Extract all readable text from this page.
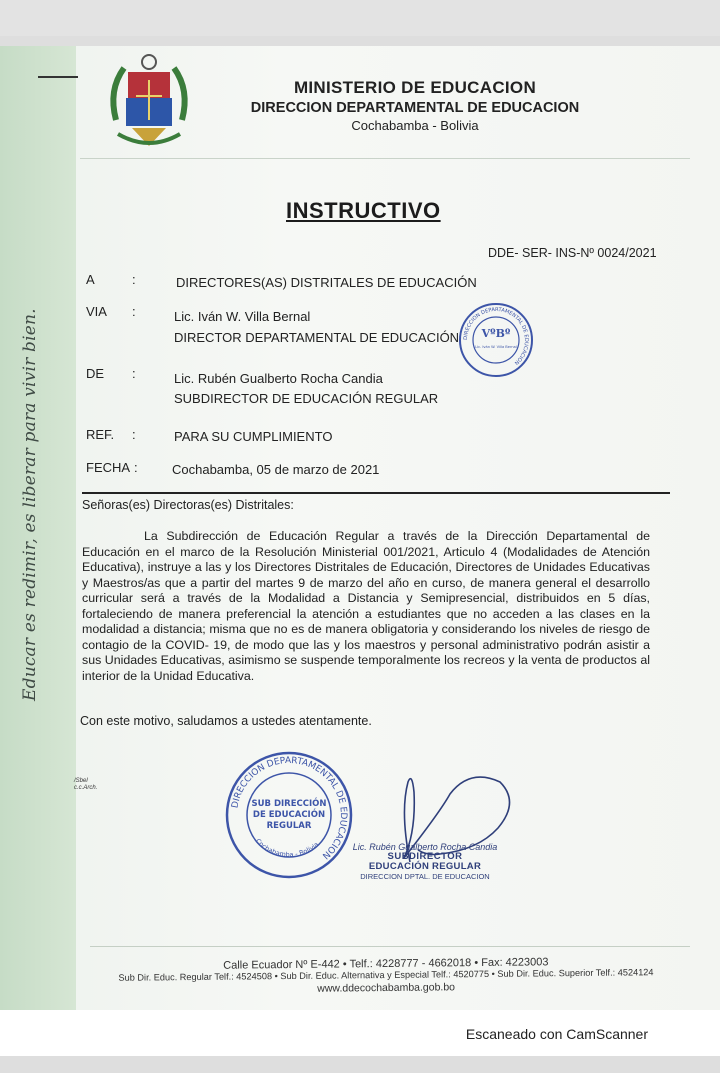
Educar es redimir, es liberar para vivir bien.
MINISTERIO DE EDUCACION
DIRECCION DEPARTAMENTAL DE EDUCACION
Cochabamba - Bolivia
INSTRUCTIVO
DDE- SER- INS-Nº 0024/2021
A	:	DIRECTORES(AS) DISTRITALES DE EDUCACIÓN
VIA :	Lic. Iván W. Villa Bernal
DIRECTOR DEPARTAMENTAL DE EDUCACIÓN DIRECCION DEPARTAMENTAL DE EDUCACION
VºBº
Lic. Iván W. Villa Bernal
DE :	Lic. Rubén Gualberto Rocha Candia
SUBDIRECTOR DE EDUCACIÓN REGULAR
REF. :	PARA SU CUMPLIMIENTO
FECHA :	Cochabamba, 05 de marzo de 2021
Señoras(es) Directoras(es) Distritales:
La Subdirección de Educación Regular a través de la Dirección Departamental de Educación en el marco de la Resolución Ministerial 001/2021, Articulo 4 (Modalidades de Atención Educativa), instruye a las y los Directores Distritales de Educación, Directores de Unidades Educativas y Maestros/as que a partir del martes 9 de marzo del año en curso, de manera general el desarrollo curricular será a través de la Modalidad a Distancia y Semipresencial, distribuidos en 5 días, fortaleciendo de manera preferencial la atención a estudiantes que no acceden a las clases en la modalidad a distancia; misma que no es de manera obligatoria y considerando los niveles de riesgo de contagio de la COVID- 19, de modo que las y los maestros y personal administrativo podrán asistir a sus Unidades Educativas, asimismo se suspende temporalmente los recreos y la venta de productos al interior de la Unidad Educativa.
Con este motivo, saludamos a ustedes atentamente.
/Sbel
c.c.Arch.
DIRECCION DEPARTAMENTAL DE EDUCACION
SUB DIRECCIÓN
DE EDUCACIÓN
REGULAR
Cochabamba - Bolivia	Lic. Rubén Gualberto Rocha Candia
SUBDIRECTOR
EDUCACIÓN REGULAR
DIRECCION DPTAL. DE EDUCACION
Calle Ecuador Nº E-442 • Telf.: 4228777 - 4662018 • Fax: 4223003
Sub Dir. Educ. Regular Telf.: 4524508 • Sub Dir. Educ. Alternativa y Especial Telf.: 4520775 • Sub Dir. Educ. Superior Telf.: 4524124
www.ddecochabamba.gob.bo
Escaneado con CamScanner
